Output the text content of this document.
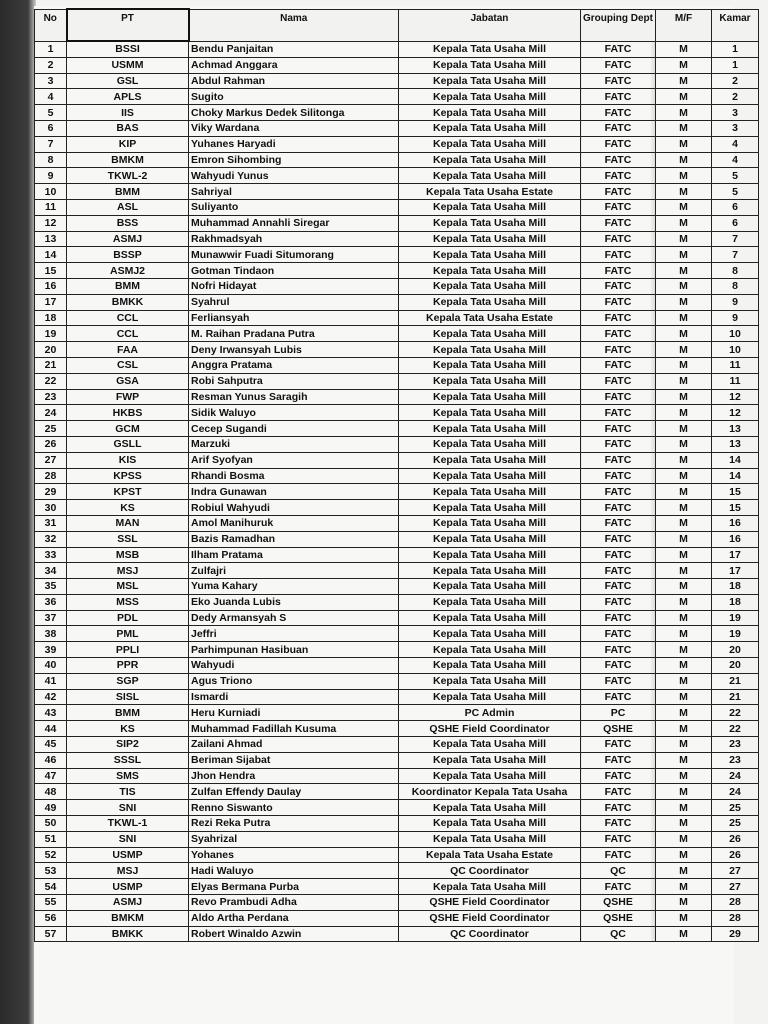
No	PT	Nama	Jabatan	Grouping Dept	M/F	Kamar
1	BSSI	Bendu Panjaitan	Kepala Tata Usaha Mill	FATC	M	1
2	USMM	Achmad Anggara	Kepala Tata Usaha Mill	FATC	M	1
3	GSL	Abdul Rahman	Kepala Tata Usaha Mill	FATC	M	2
4	APLS	Sugito	Kepala Tata Usaha Mill	FATC	M	2
5	IIS	Choky Markus Dedek Silitonga	Kepala Tata Usaha Mill	FATC	M	3
6	BAS	Viky Wardana	Kepala Tata Usaha Mill	FATC	M	3
7	KIP	Yuhanes Haryadi	Kepala Tata Usaha Mill	FATC	M	4
8	BMKM	Emron Sihombing	Kepala Tata Usaha Mill	FATC	M	4
9	TKWL-2	Wahyudi Yunus	Kepala Tata Usaha Mill	FATC	M	5
10	BMM	Sahriyal	Kepala Tata Usaha Estate	FATC	M	5
11	ASL	Suliyanto	Kepala Tata Usaha Mill	FATC	M	6
12	BSS	Muhammad Annahli Siregar	Kepala Tata Usaha Mill	FATC	M	6
13	ASMJ	Rakhmadsyah	Kepala Tata Usaha Mill	FATC	M	7
14	BSSP	Munawwir Fuadi Situmorang	Kepala Tata Usaha Mill	FATC	M	7
15	ASMJ2	Gotman Tindaon	Kepala Tata Usaha Mill	FATC	M	8
16	BMM	Nofri Hidayat	Kepala Tata Usaha Mill	FATC	M	8
17	BMKK	Syahrul	Kepala Tata Usaha Mill	FATC	M	9
18	CCL	Ferliansyah	Kepala Tata Usaha Estate	FATC	M	9
19	CCL	M. Raihan Pradana Putra	Kepala Tata Usaha Mill	FATC	M	10
20	FAA	Deny Irwansyah Lubis	Kepala Tata Usaha Mill	FATC	M	10
21	CSL	Anggra Pratama	Kepala Tata Usaha Mill	FATC	M	11
22	GSA	Robi Sahputra	Kepala Tata Usaha Mill	FATC	M	11
23	FWP	Resman Yunus Saragih	Kepala Tata Usaha Mill	FATC	M	12
24	HKBS	Sidik Waluyo	Kepala Tata Usaha Mill	FATC	M	12
25	GCM	Cecep Sugandi	Kepala Tata Usaha Mill	FATC	M	13
26	GSLL	Marzuki	Kepala Tata Usaha Mill	FATC	M	13
27	KIS	Arif Syofyan	Kepala Tata Usaha Mill	FATC	M	14
28	KPSS	Rhandi Bosma	Kepala Tata Usaha Mill	FATC	M	14
29	KPST	Indra Gunawan	Kepala Tata Usaha Mill	FATC	M	15
30	KS	Robiul Wahyudi	Kepala Tata Usaha Mill	FATC	M	15
31	MAN	Amol Manihuruk	Kepala Tata Usaha Mill	FATC	M	16
32	SSL	Bazis Ramadhan	Kepala Tata Usaha Mill	FATC	M	16
33	MSB	Ilham Pratama	Kepala Tata Usaha Mill	FATC	M	17
34	MSJ	Zulfajri	Kepala Tata Usaha Mill	FATC	M	17
35	MSL	Yuma Kahary	Kepala Tata Usaha Mill	FATC	M	18
36	MSS	Eko Juanda Lubis	Kepala Tata Usaha Mill	FATC	M	18
37	PDL	Dedy Armansyah S	Kepala Tata Usaha Mill	FATC	M	19
38	PML	Jeffri	Kepala Tata Usaha Mill	FATC	M	19
39	PPLI	Parhimpunan Hasibuan	Kepala Tata Usaha Mill	FATC	M	20
40	PPR	Wahyudi	Kepala Tata Usaha Mill	FATC	M	20
41	SGP	Agus Triono	Kepala Tata Usaha Mill	FATC	M	21
42	SISL	Ismardi	Kepala Tata Usaha Mill	FATC	M	21
43	BMM	Heru Kurniadi	PC Admin	PC	M	22
44	KS	Muhammad Fadillah Kusuma	QSHE Field Coordinator	QSHE	M	22
45	SIP2	Zailani Ahmad	Kepala Tata Usaha Mill	FATC	M	23
46	SSSL	Beriman Sijabat	Kepala Tata Usaha Mill	FATC	M	23
47	SMS	Jhon Hendra	Kepala Tata Usaha Mill	FATC	M	24
48	TIS	Zulfan Effendy Daulay	Koordinator Kepala Tata Usaha	FATC	M	24
49	SNI	Renno Siswanto	Kepala Tata Usaha Mill	FATC	M	25
50	TKWL-1	Rezi Reka Putra	Kepala Tata Usaha Mill	FATC	M	25
51	SNI	Syahrizal	Kepala Tata Usaha Mill	FATC	M	26
52	USMP	Yohanes	Kepala Tata Usaha Estate	FATC	M	26
53	MSJ	Hadi Waluyo	QC Coordinator	QC	M	27
54	USMP	Elyas Bermana Purba	Kepala Tata Usaha Mill	FATC	M	27
55	ASMJ	Revo Prambudi Adha	QSHE Field Coordinator	QSHE	M	28
56	BMKM	Aldo Artha Perdana	QSHE Field Coordinator	QSHE	M	28
57	BMKK	Robert Winaldo Azwin	QC Coordinator	QC	M	29
